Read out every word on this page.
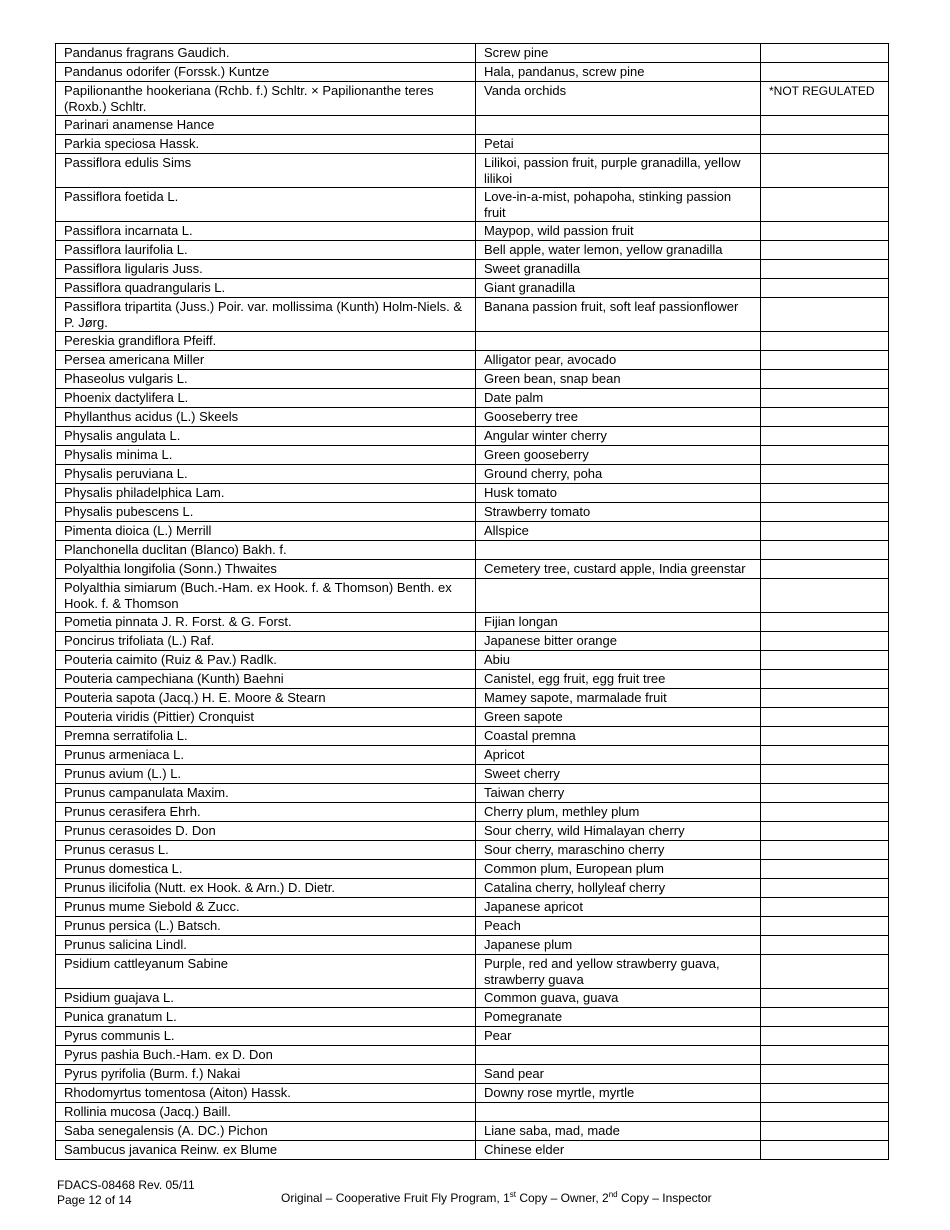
Pandanus fragrans Gaudich.	Screw pine	
Pandanus odorifer (Forssk.) Kuntze	Hala, pandanus, screw pine	
Papilionanthe hookeriana (Rchb. f.) Schltr. × Papilionanthe teres (Roxb.) Schltr.	Vanda orchids	*NOT REGULATED
Parinari anamense Hance		
Parkia speciosa Hassk.	Petai	
Passiflora edulis Sims	Lilikoi, passion fruit, purple granadilla, yellow lilikoi	
Passiflora foetida L.	Love-in-a-mist, pohapoha, stinking passion fruit	
Passiflora incarnata L.	Maypop, wild passion fruit	
Passiflora laurifolia L.	Bell apple, water lemon, yellow granadilla	
Passiflora ligularis Juss.	Sweet granadilla	
Passiflora quadrangularis L.	Giant granadilla	
Passiflora tripartita (Juss.) Poir. var. mollissima (Kunth) Holm-Niels. & P. Jørg.	Banana passion fruit, soft leaf passionflower	
Pereskia grandiflora Pfeiff.		
Persea americana Miller	Alligator pear, avocado	
Phaseolus vulgaris L.	Green bean, snap bean	
Phoenix dactylifera L.	Date palm	
Phyllanthus acidus (L.) Skeels	Gooseberry tree	
Physalis angulata L.	Angular winter cherry	
Physalis minima L.	Green gooseberry	
Physalis peruviana L.	Ground cherry, poha	
Physalis philadelphica Lam.	Husk tomato	
Physalis pubescens L.	Strawberry tomato	
Pimenta dioica (L.) Merrill	Allspice	
Planchonella duclitan (Blanco) Bakh. f.		
Polyalthia longifolia (Sonn.) Thwaites	Cemetery tree, custard apple, India greenstar	
Polyalthia simiarum (Buch.-Ham. ex Hook. f. & Thomson) Benth. ex Hook. f. & Thomson		
Pometia pinnata J. R. Forst. & G. Forst.	Fijian longan	
Poncirus trifoliata (L.) Raf.	Japanese bitter orange	
Pouteria caimito (Ruiz & Pav.) Radlk.	Abiu	
Pouteria campechiana (Kunth) Baehni	Canistel, egg fruit, egg fruit tree	
Pouteria sapota (Jacq.) H. E. Moore & Stearn	Mamey sapote, marmalade fruit	
Pouteria viridis (Pittier) Cronquist	Green sapote	
Premna serratifolia L.	Coastal premna	
Prunus armeniaca L.	Apricot	
Prunus avium (L.) L.	Sweet cherry	
Prunus campanulata Maxim.	Taiwan cherry	
Prunus cerasifera Ehrh.	Cherry plum, methley plum	
Prunus cerasoides D. Don	Sour cherry, wild Himalayan cherry	
Prunus cerasus L.	Sour cherry, maraschino cherry	
Prunus domestica L.	Common plum, European plum	
Prunus ilicifolia (Nutt. ex Hook. & Arn.) D. Dietr.	Catalina cherry, hollyleaf cherry	
Prunus mume Siebold & Zucc.	Japanese apricot	
Prunus persica (L.) Batsch.	Peach	
Prunus salicina Lindl.	Japanese plum	
Psidium cattleyanum Sabine	Purple, red and yellow strawberry guava, strawberry guava	
Psidium guajava L.	Common guava, guava	
Punica granatum L.	Pomegranate	
Pyrus communis L.	Pear	
Pyrus pashia Buch.-Ham. ex D. Don		
Pyrus pyrifolia (Burm. f.) Nakai	Sand pear	
Rhodomyrtus tomentosa (Aiton) Hassk.	Downy rose myrtle, myrtle	
Rollinia mucosa (Jacq.) Baill.		
Saba senegalensis (A. DC.) Pichon	Liane saba, mad, made	
Sambucus javanica Reinw. ex Blume	Chinese elder	
FDACS-08468 Rev. 05/11
Page 12 of 14	Original – Cooperative Fruit Fly Program, 1st Copy – Owner, 2nd Copy – Inspector
